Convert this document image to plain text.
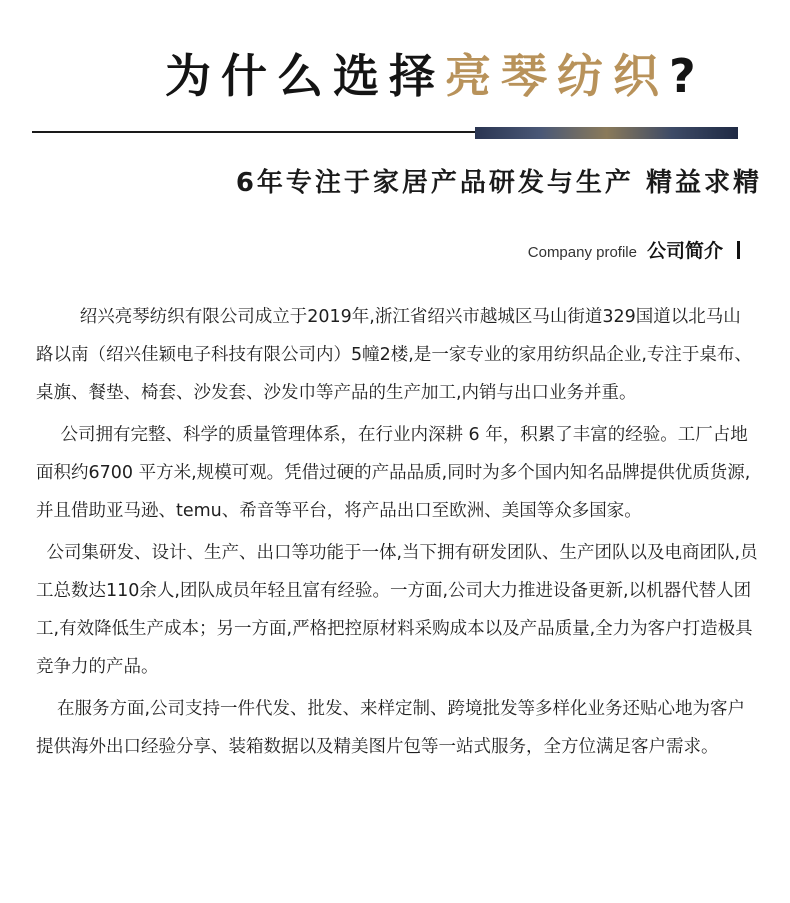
为什么选择亮琴纺织?
6年专注于家居产品研发与生产 精益求精
Company profile 公司简介

绍兴亮琴纺织有限公司成立于2019年,浙江省绍兴市越城区马山街道329国道以北马山路以南（绍兴佳颖电子科技有限公司内）5幢2楼,是一家专业的家用纺织品企业,专注于桌布、桌旗、餐垫、椅套、沙发套、沙发巾等产品的生产加工,内销与出口业务并重。

公司拥有完整、科学的质量管理体系，在行业内深耕 6 年，积累了丰富的经验。工厂占地面积约6700 平方米,规模可观。凭借过硬的产品品质,同时为多个国内知名品牌提供优质货源,并且借助亚马逊、temu、希音等平台，将产品出口至欧洲、美国等众多国家。

公司集研发、设计、生产、出口等功能于一体,当下拥有研发团队、生产团队以及电商团队,员工总数达110余人,团队成员年轻且富有经验。一方面,公司大力推进设备更新,以机器代替人团工,有效降低生产成本；另一方面,严格把控原材料采购成本以及产品质量,全力为客户打造极具竞争力的产品。

在服务方面,公司支持一件代发、批发、来样定制、跨境批发等多样化业务还贴心地为客户提供海外出口经验分享、装箱数据以及精美图片包等一站式服务，全方位满足客户需求。
